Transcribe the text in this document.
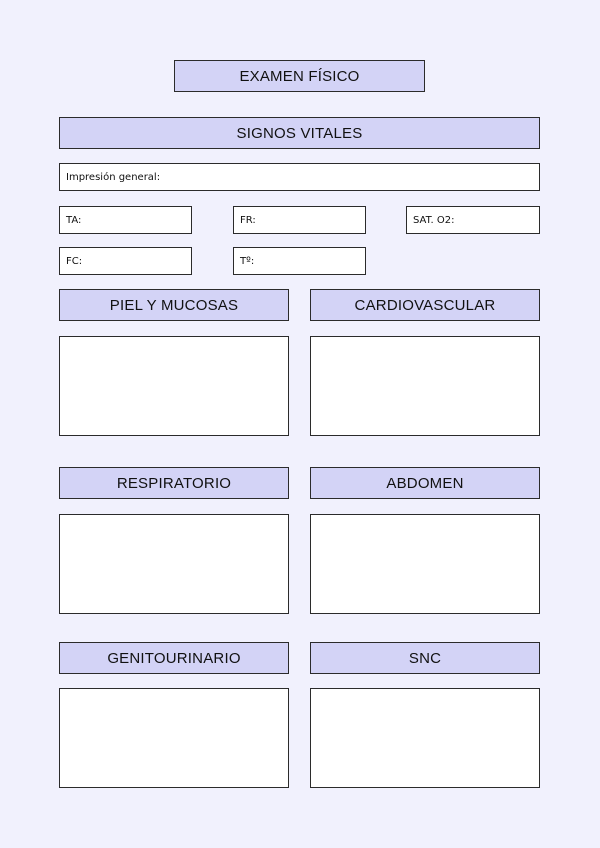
EXAMEN FÍSICO
SIGNOS VITALES
Impresión general:
TA:	FR:	SAT. O2:
FC:	Tº:
PIEL Y MUCOSAS	CARDIOVASCULAR
RESPIRATORIO	ABDOMEN
GENITOURINARIO	SNC
